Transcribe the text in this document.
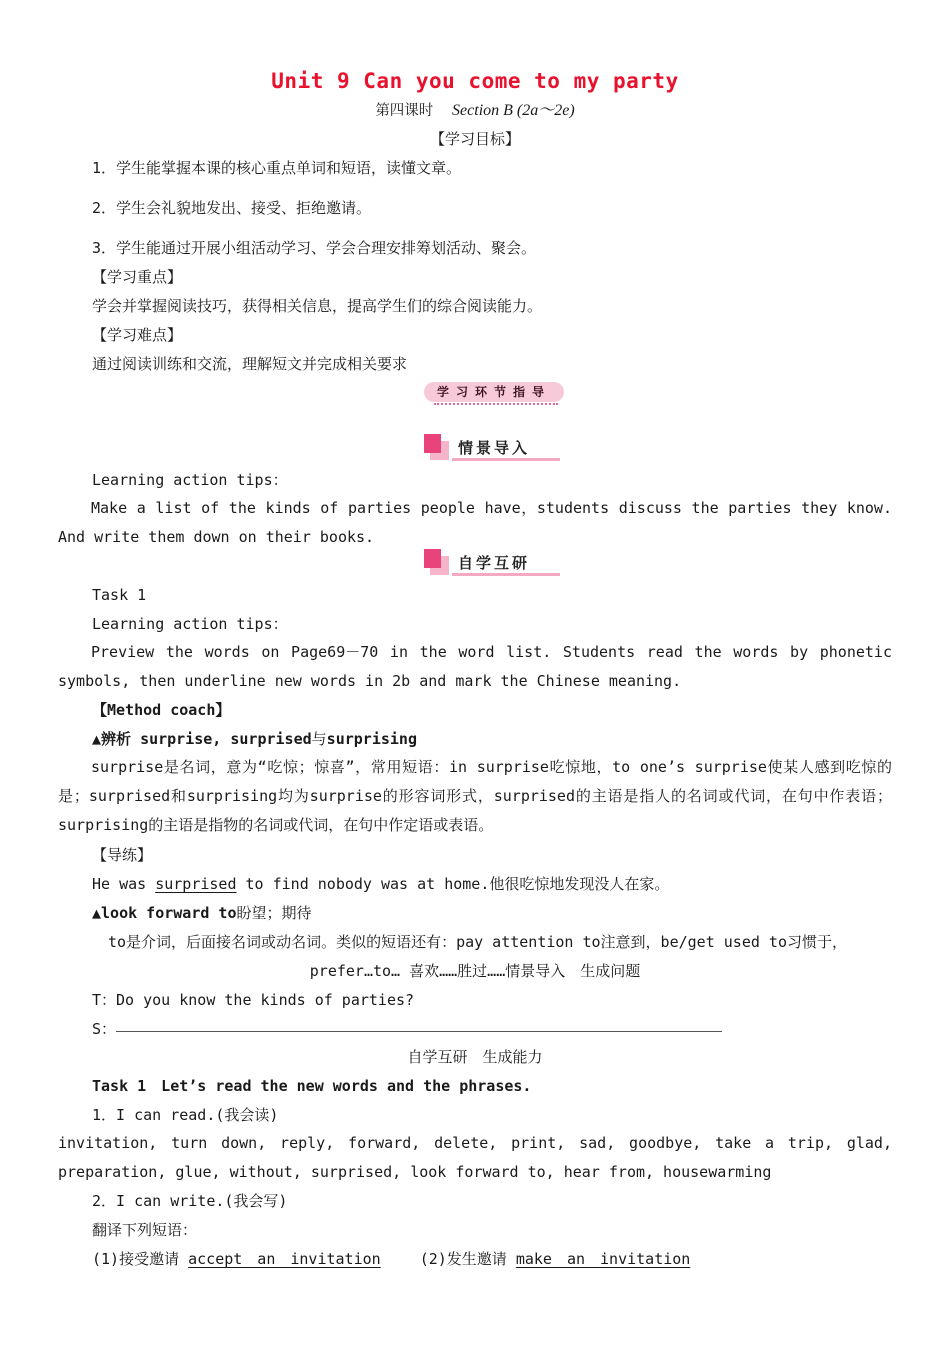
Unit 9 Can you come to my party
第四课时 Section B (2a～2e)
【学习目标】
1．学生能掌握本课的核心重点单词和短语，读懂文章。
2．学生会礼貌地发出、接受、拒绝邀请。
3．学生能通过开展小组活动学习、学会合理安排筹划活动、聚会。
【学习重点】
学会并掌握阅读技巧，获得相关信息，提高学生们的综合阅读能力。
【学习难点】
通过阅读训练和交流，理解短文并完成相关要求
学习环节指导
情景导入
Learning action tips：
Make a list of the kinds of parties people have，students discuss the parties they know. And write them down on their books.
自学互研
Task 1
Learning action tips：
Preview the words on Page69－70 in the word list. Students read the words by phonetic symbols, then underline new words in 2b and mark the Chinese meaning.
【Method coach】
▲辨析 surprise, surprised与surprising
surprise是名词，意为“吃惊；惊喜”，常用短语：in surprise吃惊地，to one’s surprise使某人感到吃惊的是；surprised和surprising均为surprise的形容词形式，surprised的主语是指人的名词或代词，在句中作表语；surprising的主语是指物的名词或代词，在句中作定语或表语。
【导练】
He was surprised to find nobody was at home.他很吃惊地发现没人在家。
▲look forward to盼望；期待
to是介词，后面接名词或动名词。类似的短语还有：pay attention to注意到，be/get used to习惯于，
prefer…to… 喜欢……胜过……情景导入　生成问题
T：Do you know the kinds of parties?
S：
自学互研　生成能力
Task 1　Let’s read the new words and the phrases.
1．I can read.(我会读)
invitation, turn down, reply, forward, delete, print, sad, goodbye, take a trip, glad, preparation, glue, without, surprised, look forward to, hear from, housewarming
2．I can write.(我会写)
翻译下列短语：
(1)接受邀请 accept　an　invitation	(2)发生邀请 make　an　invitation
